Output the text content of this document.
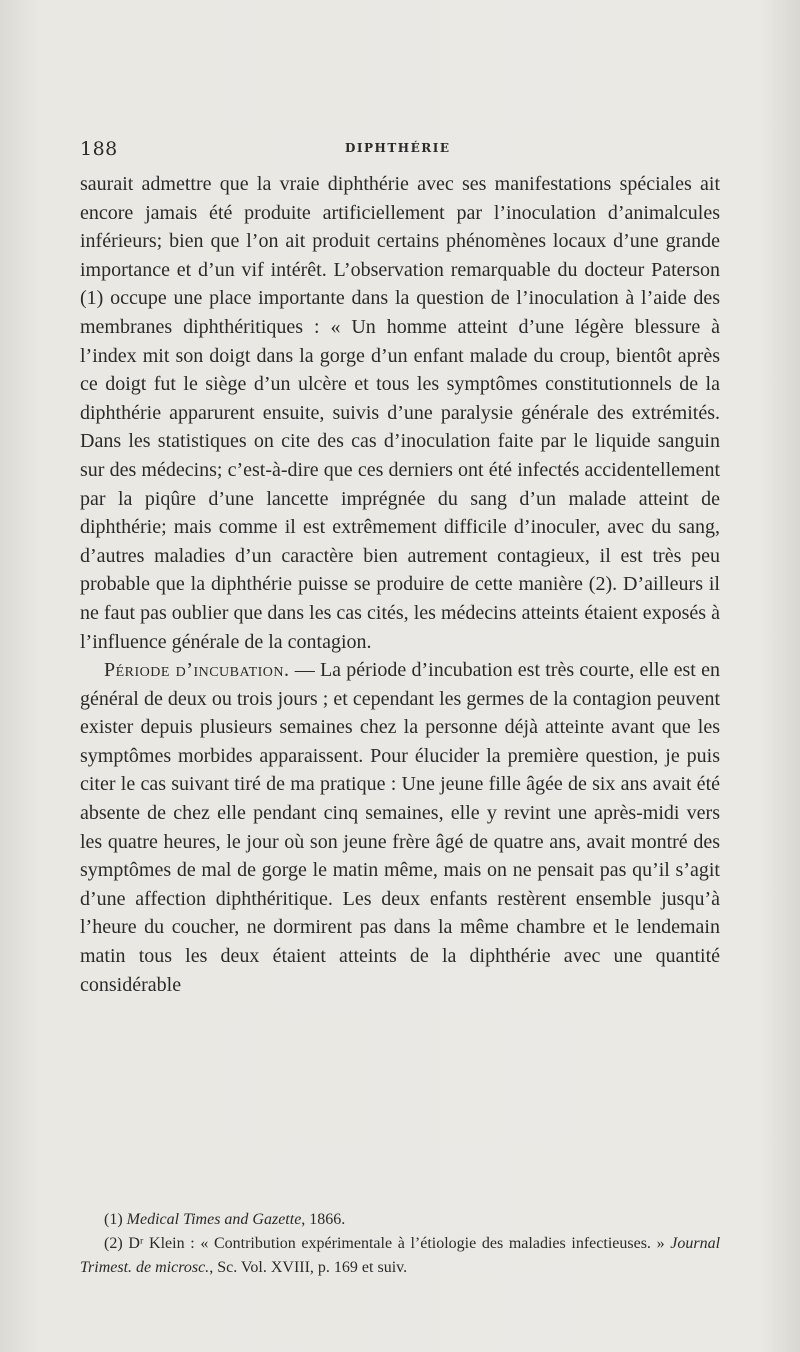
188	DIPHTHÉRIE

saurait admettre que la vraie diphthérie avec ses manifestations spéciales ait encore jamais été produite artificiellement par l’inoculation d’animalcules inférieurs; bien que l’on ait produit certains phénomènes locaux d’une grande importance et d’un vif intérêt. L’observation remarquable du docteur Paterson (1) occupe une place importante dans la question de l’inoculation à l’aide des membranes diphthéritiques : « Un homme atteint d’une légère blessure à l’index mit son doigt dans la gorge d’un enfant malade du croup, bientôt après ce doigt fut le siège d’un ulcère et tous les symptômes constitutionnels de la diphthérie apparurent ensuite, suivis d’une paralysie générale des extrémités. Dans les statistiques on cite des cas d’inoculation faite par le liquide sanguin sur des médecins; c’est-à-dire que ces derniers ont été infectés accidentellement par la piqûre d’une lancette imprégnée du sang d’un malade atteint de diphthérie; mais comme il est extrêmement difficile d’inoculer, avec du sang, d’autres maladies d’un caractère bien autrement contagieux, il est très peu probable que la diphthérie puisse se produire de cette manière (2). D’ailleurs il ne faut pas oublier que dans les cas cités, les médecins atteints étaient exposés à l’influence générale de la contagion.

Période d’incubation. — La période d’incubation est très courte, elle est en général de deux ou trois jours ; et cependant les germes de la contagion peuvent exister depuis plusieurs semaines chez la personne déjà atteinte avant que les symptômes morbides apparaissent. Pour élucider la première question, je puis citer le cas suivant tiré de ma pratique : Une jeune fille âgée de six ans avait été absente de chez elle pendant cinq semaines, elle y revint une après-midi vers les quatre heures, le jour où son jeune frère âgé de quatre ans, avait montré des symptômes de mal de gorge le matin même, mais on ne pensait pas qu’il s’agit d’une affection diphthéritique. Les deux enfants restèrent ensemble jusqu’à l’heure du coucher, ne dormirent pas dans la même chambre et le lendemain matin tous les deux étaient atteints de la diphthérie avec une quantité considérable

(1) Medical Times and Gazette, 1866.

(2) Dʳ Klein : « Contribution expérimentale à l’étiologie des maladies infectieuses. » Journal Trimest. de microsc., Sc. Vol. XVIII, p. 169 et suiv.
